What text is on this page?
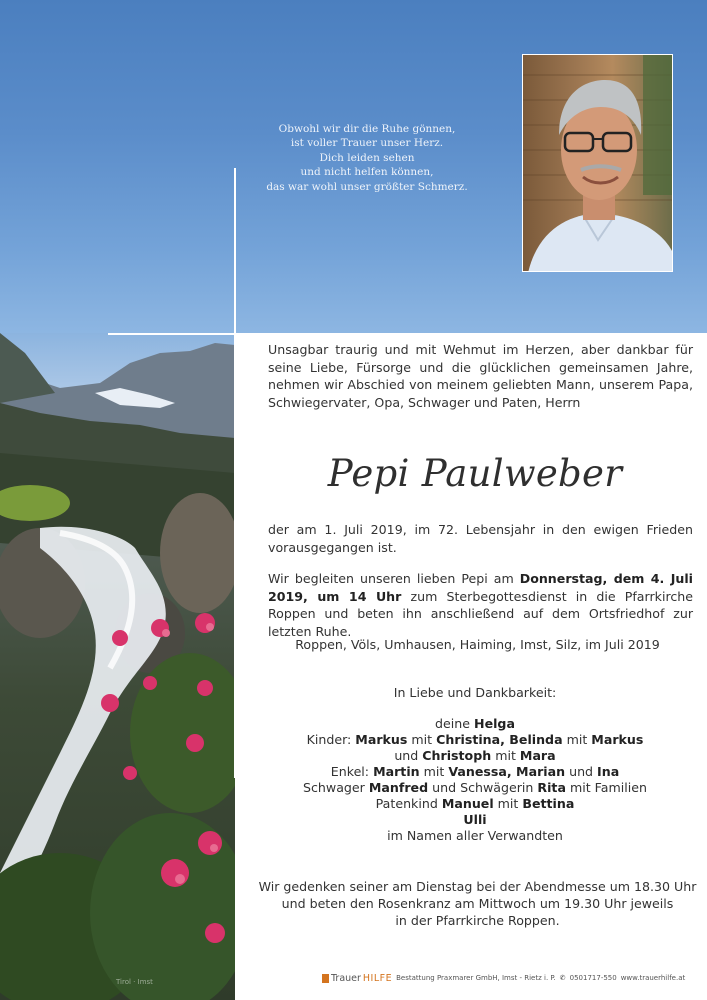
Obwohl wir dir die Ruhe gönnen,
ist voller Trauer unser Herz.
Dich leiden sehen
und nicht helfen können,
das war wohl unser größter Schmerz.
Unsagbar traurig und mit Wehmut im Herzen, aber dankbar für seine Liebe, Fürsorge und die glücklichen gemeinsamen Jahre, nehmen wir Abschied von meinem geliebten Mann, unserem Papa, Schwiegervater, Opa, Schwager und Paten, Herrn
Pepi Paulweber
der am 1. Juli 2019, im 72. Lebensjahr in den ewigen Frieden vorausgegangen ist.
Wir begleiten unseren lieben Pepi am Donnerstag, dem 4. Juli 2019, um 14 Uhr zum Sterbegottesdienst in die Pfarrkirche Roppen und beten ihn anschließend auf dem Ortsfriedhof zur letzten Ruhe.
Roppen, Völs, Umhausen, Haiming, Imst, Silz, im Juli 2019
In Liebe und Dankbarkeit:
deine Helga
Kinder: Markus mit Christina, Belinda mit Markus
und Christoph mit Mara
Enkel: Martin mit Vanessa, Marian und Ina
Schwager Manfred und Schwägerin Rita mit Familien
Patenkind Manuel mit Bettina
Ulli
im Namen aller Verwandten
Wir gedenken seiner am Dienstag bei der Abendmesse um 18.30 Uhr
und beten den Rosenkranz am Mittwoch um 19.30 Uhr jeweils
in der Pfarrkirche Roppen.
Trauer HILFE Bestattung Praxmarer GmbH, Imst - Rietz i. P. ✆ 0501717-550 www.trauerhilfe.at
Tirol · Imst
